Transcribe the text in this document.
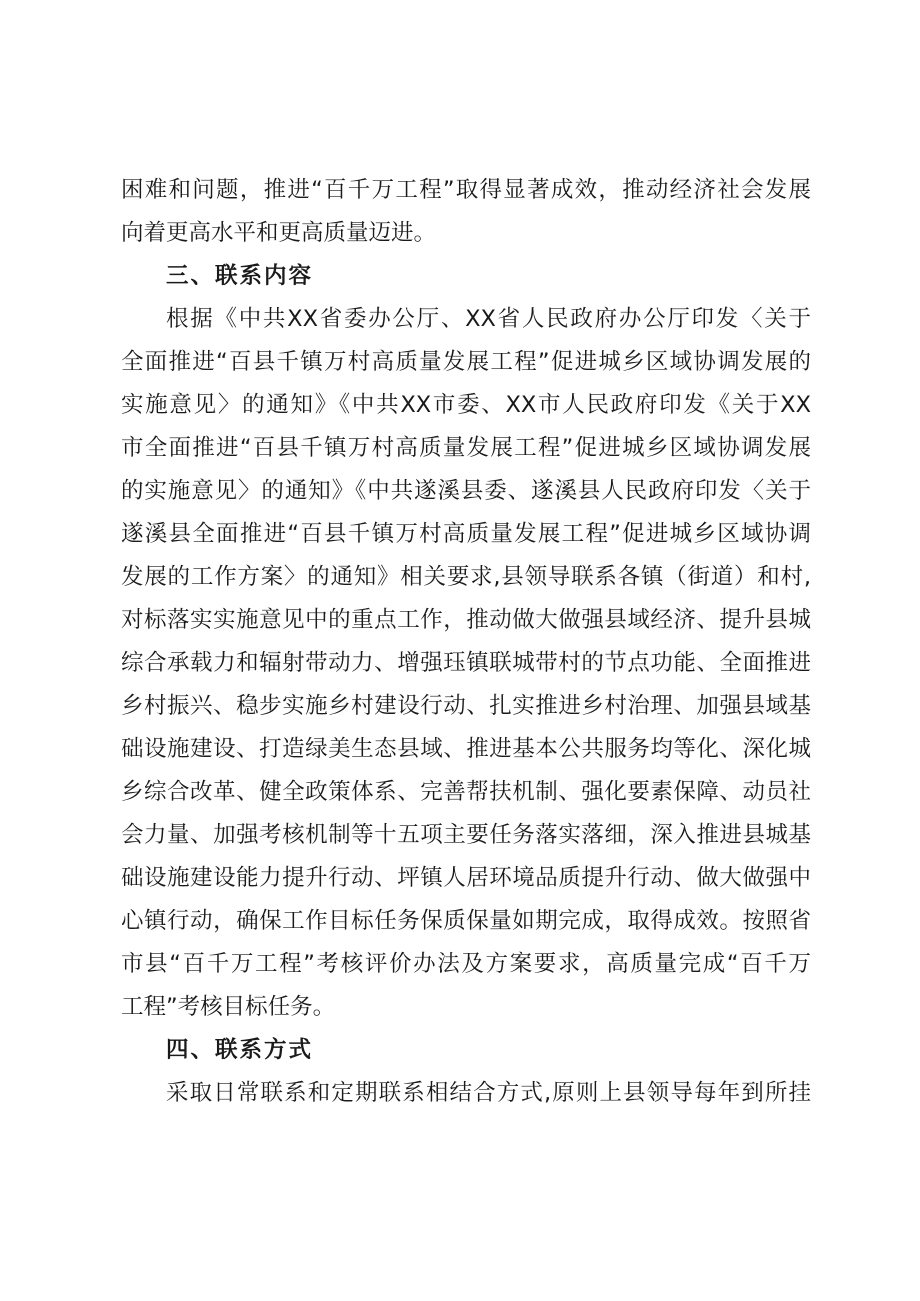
困难和问题，推进“百千万工程”取得显著成效，推动经济社会发展
向着更高水平和更高质量迈进。
三、联系内容
根据《中共XX省委办公厅、XX省人民政府办公厅印发〈关于
全面推进“百县千镇万村高质量发展工程”促进城乡区域协调发展的
实施意见〉的通知》《中共XX市委、XX市人民政府印发《关于XX
市全面推进“百县千镇万村高质量发展工程”促进城乡区域协调发展
的实施意见〉的通知》《中共遂溪县委、遂溪县人民政府印发〈关于
遂溪县全面推进“百县千镇万村高质量发展工程”促进城乡区域协调
发展的工作方案〉的通知》相关要求,县领导联系各镇（街道）和村,
对标落实实施意见中的重点工作，推动做大做强县域经济、提升县城
综合承载力和辐射带动力、增强珏镇联城带村的节点功能、全面推进
乡村振兴、稳步实施乡村建设行动、扎实推进乡村治理、加强县域基
础设施建设、打造绿美生态县域、推进基本公共服务均等化、深化城
乡综合改革、健全政策体系、完善帮扶机制、强化要素保障、动员社
会力量、加强考核机制等十五项主要任务落实落细，深入推进县城基
础设施建设能力提升行动、坪镇人居环境品质提升行动、做大做强中
心镇行动，确保工作目标任务保质保量如期完成，取得成效。按照省
市县“百千万工程”考核评价办法及方案要求，高质量完成“百千万
工程”考核目标任务。
四、联系方式
采取日常联系和定期联系相结合方式,原则上县领导每年到所挂
